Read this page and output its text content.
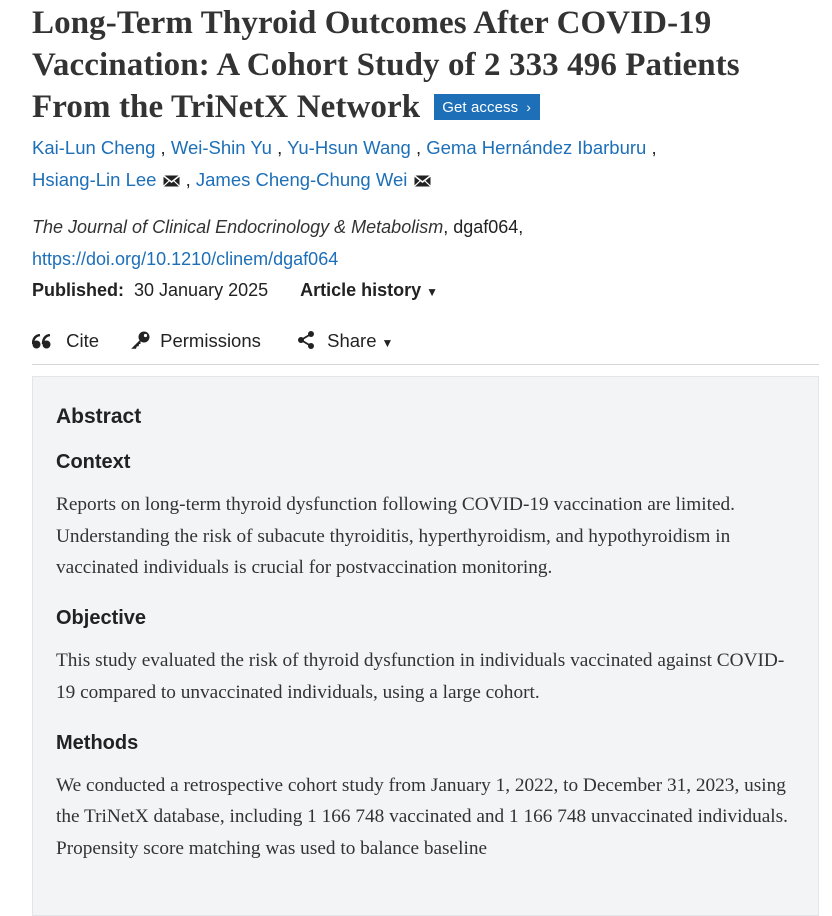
Long-Term Thyroid Outcomes After COVID-19 Vaccination: A Cohort Study of 2 333 496 Patients From the TriNetX Network Get access ›
Kai-Lun Cheng , Wei-Shin Yu , Yu-Hsun Wang , Gema Hernández Ibarburu ,
Hsiang-Lin Lee , James Cheng-Chung Wei
The Journal of Clinical Endocrinology & Metabolism, dgaf064,
https://doi.org/10.1210/clinem/dgaf064
Published: 30 January 2025 Article history ▼
Cite	Permissions	Share ▼
Abstract
Context

Reports on long-term thyroid dysfunction following COVID-19 vaccination are limited. Understanding the risk of subacute thyroiditis, hyperthyroidism, and hypothyroidism in vaccinated individuals is crucial for postvaccination monitoring.

Objective

This study evaluated the risk of thyroid dysfunction in individuals vaccinated against COVID-19 compared to unvaccinated individuals, using a large cohort.

Methods

We conducted a retrospective cohort study from January 1, 2022, to December 31, 2023, using the TriNetX database, including 1 166 748 vaccinated and 1 166 748 unvaccinated individuals. Propensity score matching was used to balance baseline
